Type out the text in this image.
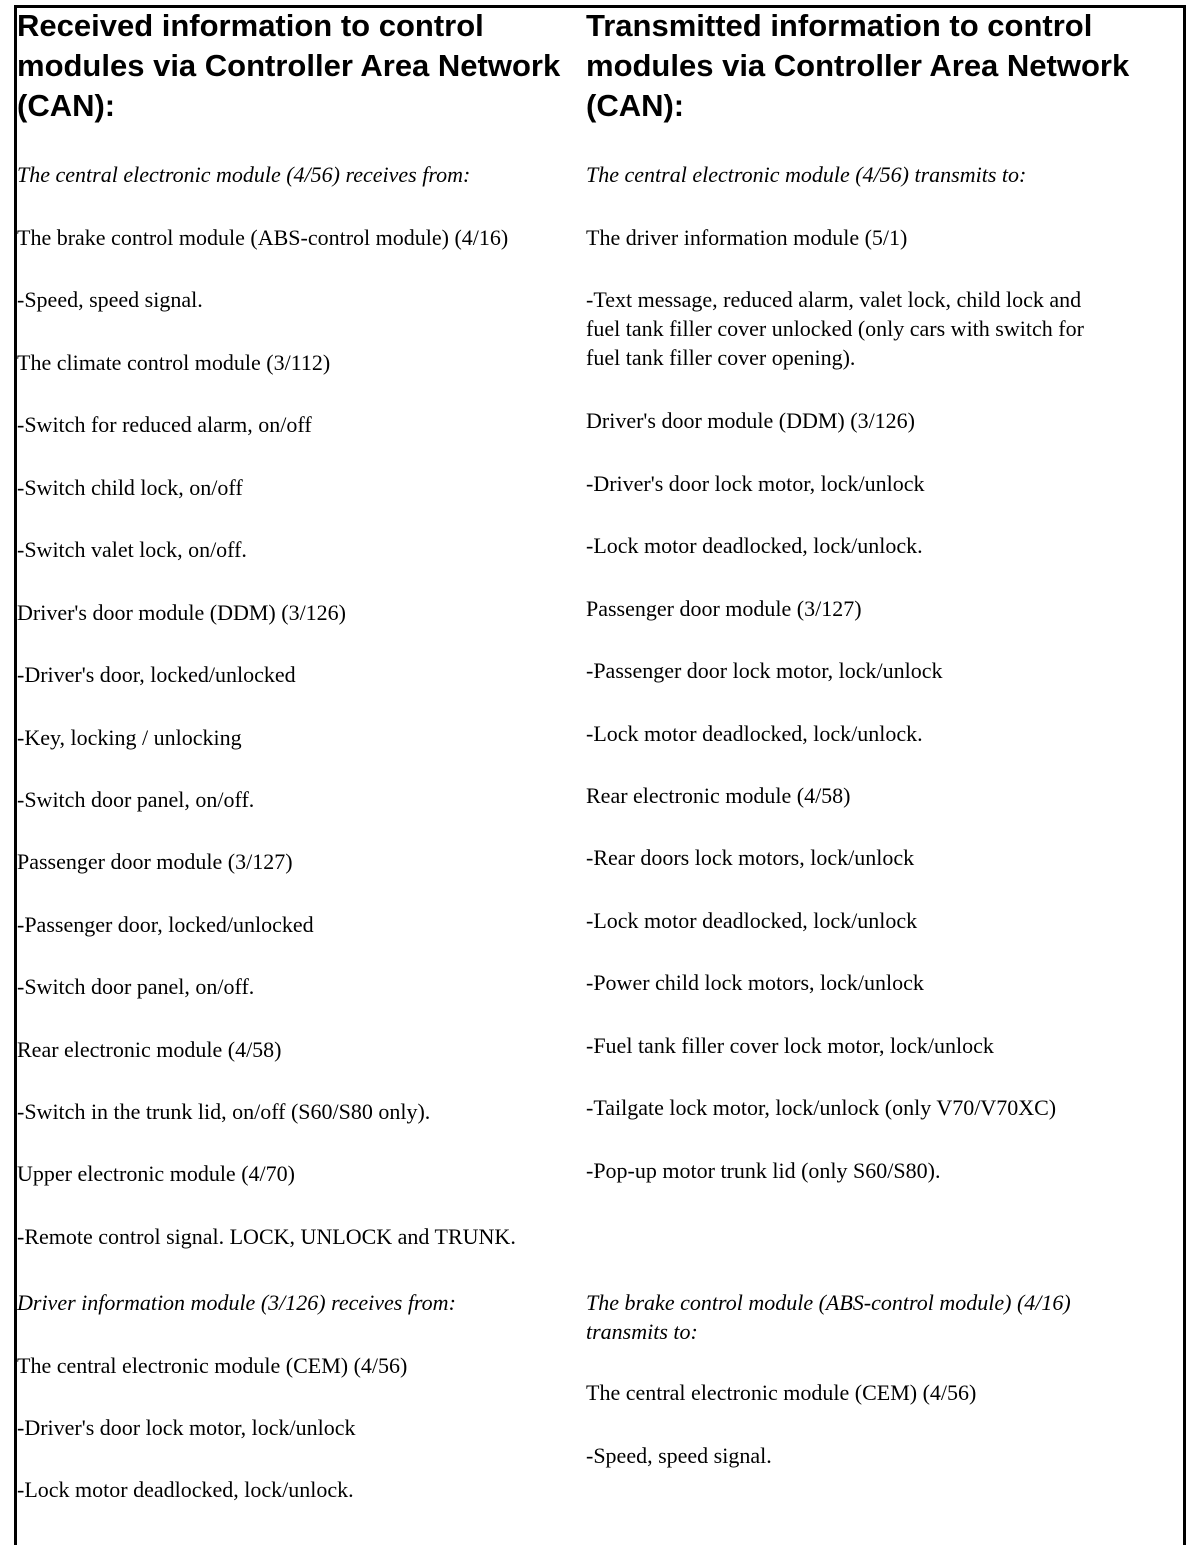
Received information to control
modules via Controller Area Network
(CAN):

The central electronic module (4/56) receives from:

The brake control module (ABS-control module) (4/16)

-Speed, speed signal.

The climate control module (3/112)

-Switch for reduced alarm, on/off

-Switch child lock, on/off

-Switch valet lock, on/off.

Driver's door module (DDM) (3/126)

-Driver's door, locked/unlocked

-Key, locking / unlocking

-Switch door panel, on/off.

Passenger door module (3/127)

-Passenger door, locked/unlocked

-Switch door panel, on/off.

Rear electronic module (4/58)

-Switch in the trunk lid, on/off (S60/S80 only).

Upper electronic module (4/70)

-Remote control signal. LOCK, UNLOCK and TRUNK.

Driver information module (3/126) receives from:

The central electronic module (CEM) (4/56)

-Driver's door lock motor, lock/unlock

-Lock motor deadlocked, lock/unlock.

Transmitted information to control
modules via Controller Area Network
(CAN):

The central electronic module (4/56) transmits to:

The driver information module (5/1)

-Text message, reduced alarm, valet lock, child lock and

fuel tank filler cover unlocked (only cars with switch for

fuel tank filler cover opening).

Driver's door module (DDM) (3/126)

-Driver's door lock motor, lock/unlock

-Lock motor deadlocked, lock/unlock.

Passenger door module (3/127)

-Passenger door lock motor, lock/unlock

-Lock motor deadlocked, lock/unlock.

Rear electronic module (4/58)

-Rear doors lock motors, lock/unlock

-Lock motor deadlocked, lock/unlock

-Power child lock motors, lock/unlock

-Fuel tank filler cover lock motor, lock/unlock

-Tailgate lock motor, lock/unlock (only V70/V70XC)

-Pop-up motor trunk lid (only S60/S80).

The brake control module (ABS-control module) (4/16)

transmits to:

The central electronic module (CEM) (4/56)

-Speed, speed signal.
